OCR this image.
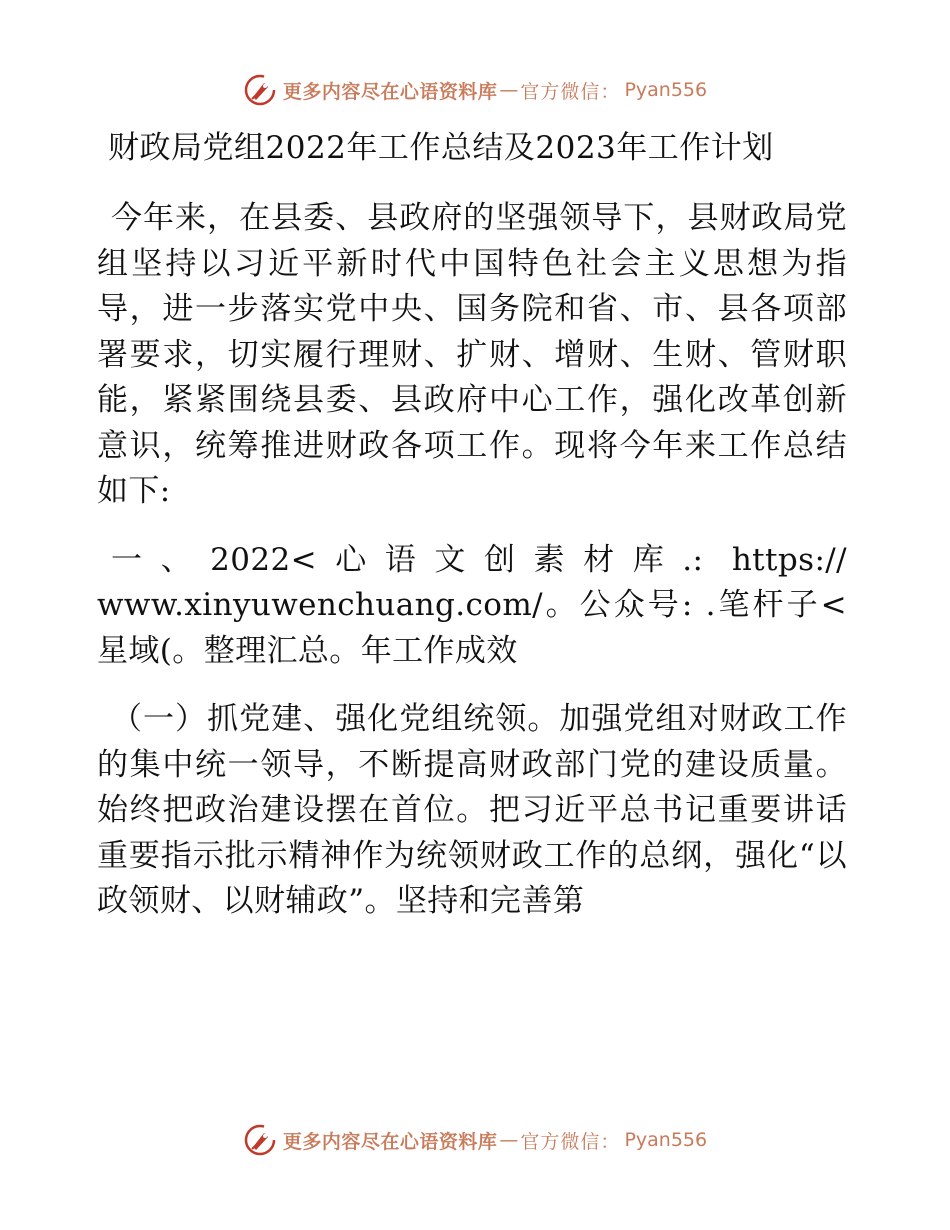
更多内容尽在心语资料库 — 官方微信： Pyan556
财政局党组2022年工作总结及2023年工作计划

今年来，在县委、县政府的坚强领导下，县财政局党组坚持以习近平新时代中国特色社会主义思想为指导，进一步落实党中央、国务院和省、市、县各项部署要求，切实履行理财、扩财、增财、生财、管财职能，紧紧围绕县委、县政府中心工作，强化改革创新意识，统筹推进财政各项工作。现将今年来工作总结如下:

一、2022<心语文创素材库.: https:// www.xinyuwenchuang.com/。公众号: .笔杆子<星域(。整理汇总。年工作成效

（一）抓党建、强化党组统领。加强党组对财政工作的集中统一领导，不断提高财政部门党的建设质量。始终把政治建设摆在首位。把习近平总书记重要讲话重要指示批示精神作为统领财政工作的总纲，强化“以政领财、以财辅政”。坚持和完善第

更多内容尽在心语资料库 — 官方微信： Pyan556
